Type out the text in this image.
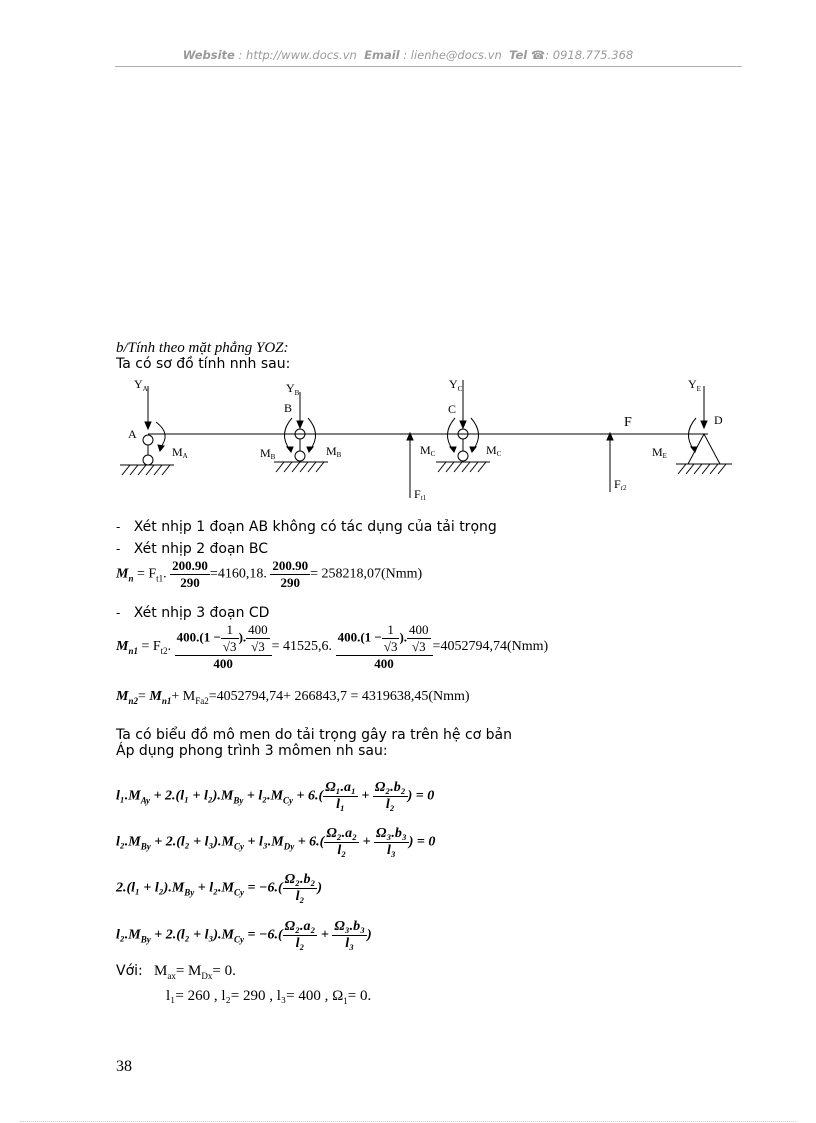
Website : http://www.docs.vn Email : lienhe@docs.vn Tel ☎: 0918.775.368
b/Tính theo mặt phẳng YOZ:
Ta có sơ đồ tính nnh sau:
$Y_A$	$Y_B$
$Y_C$	$Y_E$
A
B	C
D
F
MA	MB	MB	MC	MC	ME
Ft1
Fr2
- Xét nhịp 1 đoạn AB không có tác dụng của tải trọng
- Xét nhịp 2 đoạn BC
$M_n = F_{t1}$. $\frac{200.90}{290} =4160,18$. $\frac{200.90}{290} = 258218,07(Nmm)$
- Xét nhịp 3 đoạn CD
$M_{n1} = F_{t2}$. $\frac{400.(1 - \frac{1}{√3} ). \frac{400}{√3}}{400} = 41525,6$. $\frac{400.(1 - \frac{1}{√3} ). \frac{400}{√3}}{400} =4052794,74(Nmm)$
$M_{n2}= M_{n1}+ M_{Fa2}=4052794,74+ 266843,7 = 4319638,45(Nmm)$
Ta có biểu đồ mô men do tải trọng gây ra trên hệ cơ bản
Áp dụng phong trình 3 mômen nh sau:
$l_1.M_{Ay} + 2.(l_1 + l_2).M_{By} + l_2.M_{Cy} + 6.( \frac{\text{Ω₁.a₁}}{\text{l₁}} + \frac{\text{Ω₂.b₂}}{\text{l₂}}$ ) = 0
$l_2.M_{By} + 2.(l_2 + l_3).M_{Cy} + l_3.M_{Dy} + 6.( \frac{\text{Ω₂.a₂}}{\text{l₂}} + \frac{\text{Ω₃.b₃}}{\text{l₃}}$ ) = 0
$2.(l_1 + l_2).M_{By} + l_2.M_{Cy} = -6.( \frac{\text{Ω₂.b₂}}{\text{l₂}}$ )
$l_2.M_{By} + 2.(l_2 + l_3).M_{Cy} = -6.( \frac{\text{Ω₂.a₂}}{\text{l₂}} + \frac{\text{Ω₃.b₃}}{\text{l₃}}$ )
Với: $M_{ax}= M_{Dx}= 0$.
l₁= 260 , l₂= 290 , l₃= 400 , $\Omega_1= 0$.
38
